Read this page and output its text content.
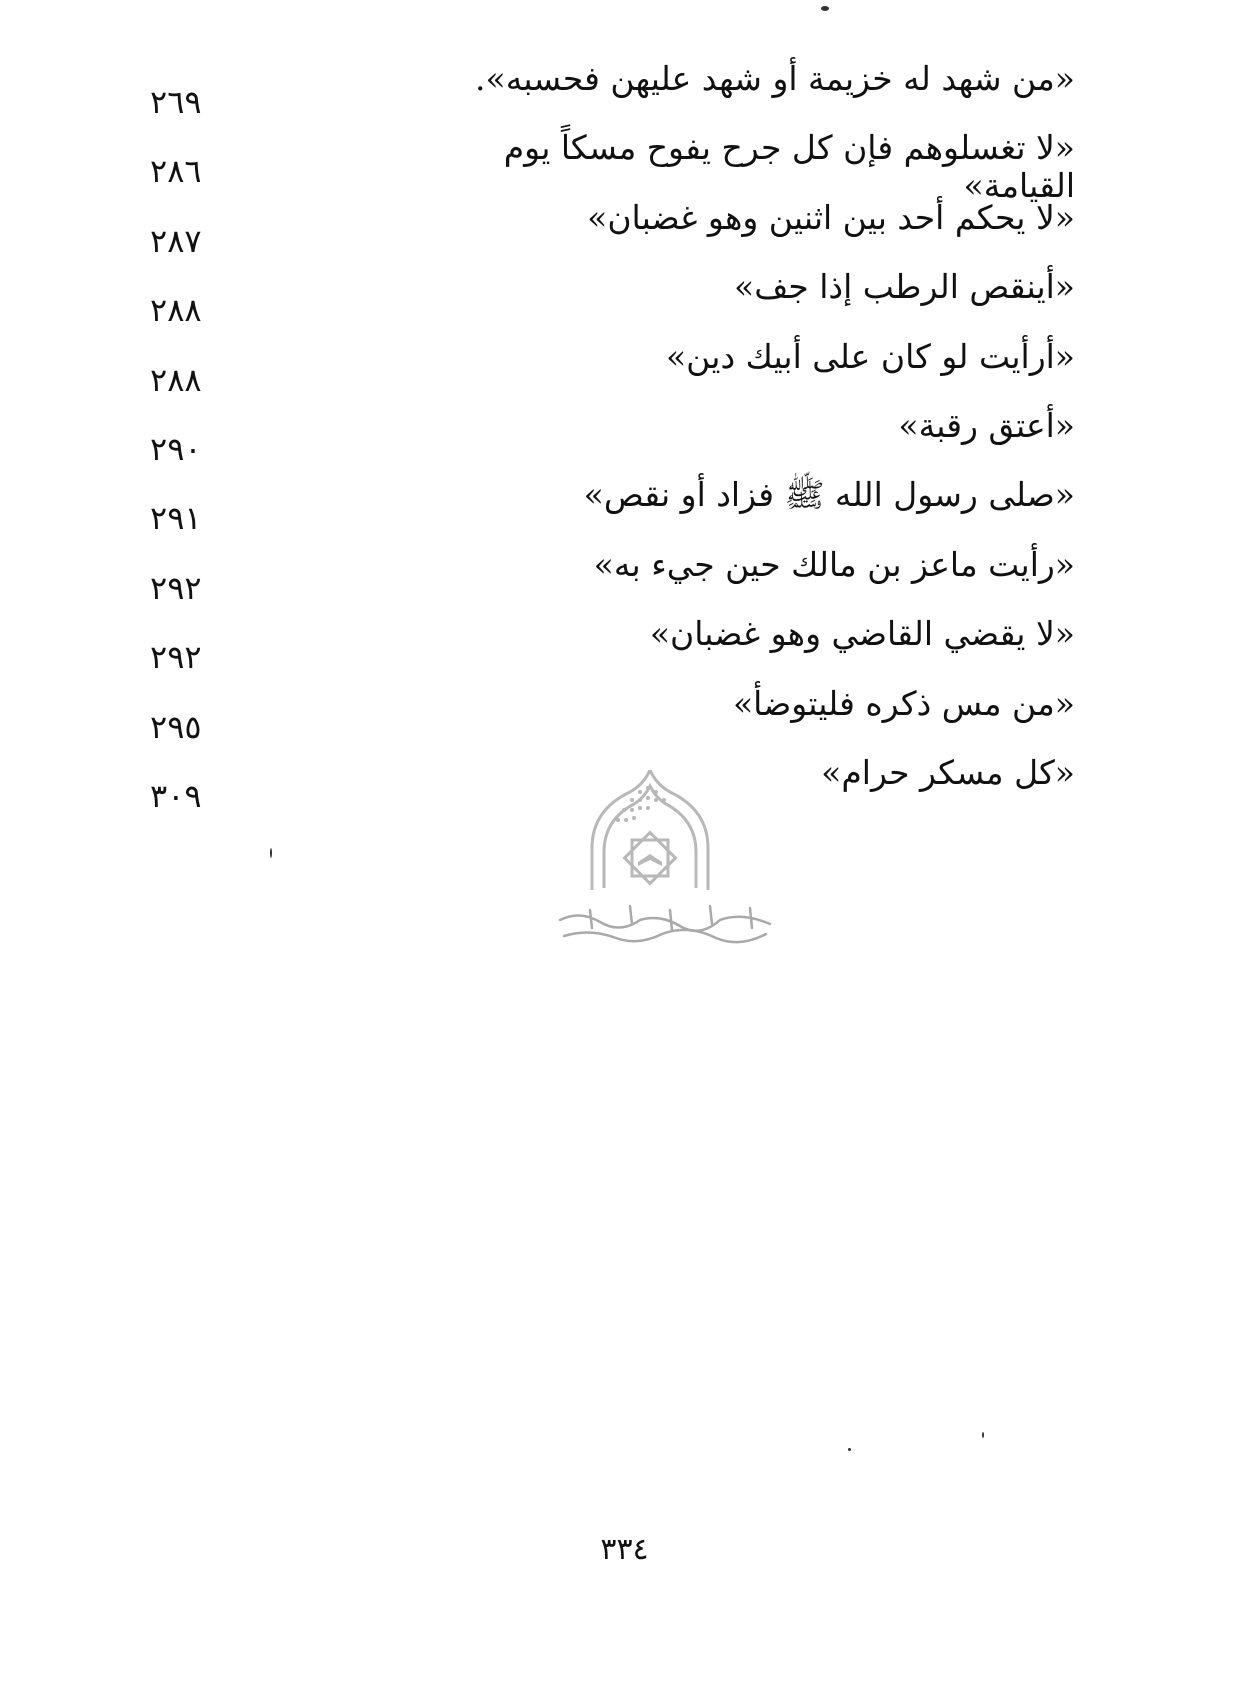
٢٦٩
«من شهد له خزيمة أو شهد عليهن فحسبه».
٢٨٦
«لا تغسلوهم فإن كل جرح يفوح مسكاً يوم القيامة»
٢٨٧
«لا يحكم أحد بين اثنين وهو غضبان»
٢٨٨
«أينقص الرطب إذا جف»
٢٨٨
«أرأيت لو كان على أبيك دين»
٢٩٠
«أعتق رقبة»
٢٩١
«صلى رسول الله ﷺ فزاد أو نقص»
٢٩٢
«رأيت ماعز بن مالك حين جيء به»
٢٩٢
«لا يقضي القاضي وهو غضبان»
٢٩٥
«من مس ذكره فليتوضأ»
٣٠٩
«كل مسكر حرام»
٣٣٤
